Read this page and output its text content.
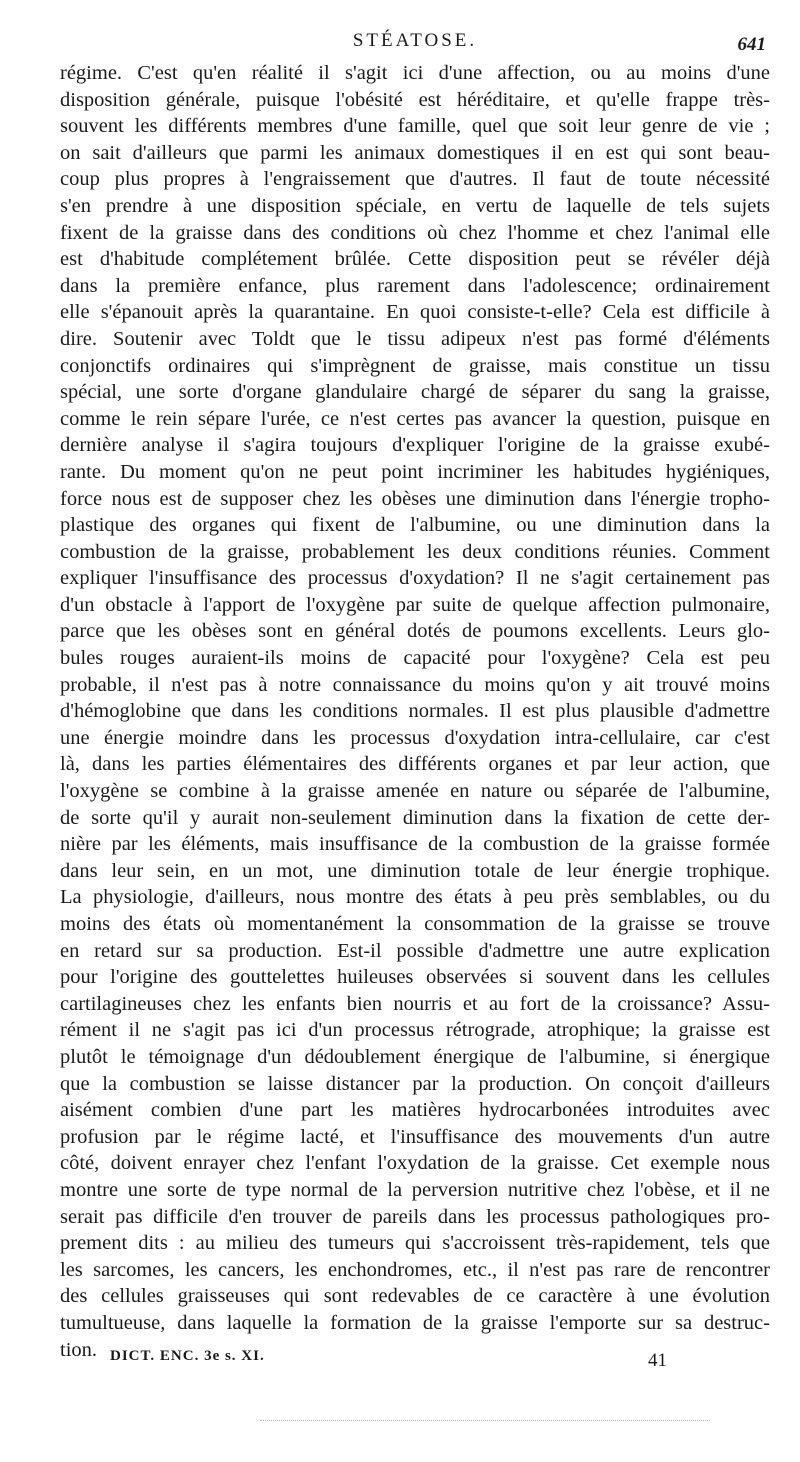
STÉATOSE.	641
régime. C'est qu'en réalité il s'agit ici d'une affection, ou au moins d'une
disposition générale, puisque l'obésité est héréditaire, et qu'elle frappe très-
souvent les différents membres d'une famille, quel que soit leur genre de vie ;
on sait d'ailleurs que parmi les animaux domestiques il en est qui sont beau-
coup plus propres à l'engraissement que d'autres. Il faut de toute nécessité
s'en prendre à une disposition spéciale, en vertu de laquelle de tels sujets
fixent de la graisse dans des conditions où chez l'homme et chez l'animal elle
est d'habitude complétement brûlée. Cette disposition peut se révéler déjà
dans la première enfance, plus rarement dans l'adolescence; ordinairement
elle s'épanouit après la quarantaine. En quoi consiste-t-elle? Cela est difficile à
dire. Soutenir avec Toldt que le tissu adipeux n'est pas formé d'éléments
conjonctifs ordinaires qui s'imprègnent de graisse, mais constitue un tissu
spécial, une sorte d'organe glandulaire chargé de séparer du sang la graisse,
comme le rein sépare l'urée, ce n'est certes pas avancer la question, puisque en
dernière analyse il s'agira toujours d'expliquer l'origine de la graisse exubé-
rante. Du moment qu'on ne peut point incriminer les habitudes hygiéniques,
force nous est de supposer chez les obèses une diminution dans l'énergie tropho-
plastique des organes qui fixent de l'albumine, ou une diminution dans la
combustion de la graisse, probablement les deux conditions réunies. Comment
expliquer l'insuffisance des processus d'oxydation? Il ne s'agit certainement pas
d'un obstacle à l'apport de l'oxygène par suite de quelque affection pulmonaire,
parce que les obèses sont en général dotés de poumons excellents. Leurs glo-
bules rouges auraient-ils moins de capacité pour l'oxygène? Cela est peu
probable, il n'est pas à notre connaissance du moins qu'on y ait trouvé moins
d'hémoglobine que dans les conditions normales. Il est plus plausible d'admettre
une énergie moindre dans les processus d'oxydation intra-cellulaire, car c'est
là, dans les parties élémentaires des différents organes et par leur action, que
l'oxygène se combine à la graisse amenée en nature ou séparée de l'albumine,
de sorte qu'il y aurait non-seulement diminution dans la fixation de cette der-
nière par les éléments, mais insuffisance de la combustion de la graisse formée
dans leur sein, en un mot, une diminution totale de leur énergie trophique.
La physiologie, d'ailleurs, nous montre des états à peu près semblables, ou du
moins des états où momentanément la consommation de la graisse se trouve
en retard sur sa production. Est-il possible d'admettre une autre explication
pour l'origine des gouttelettes huileuses observées si souvent dans les cellules
cartilagineuses chez les enfants bien nourris et au fort de la croissance? Assu-
rément il ne s'agit pas ici d'un processus rétrograde, atrophique; la graisse est
plutôt le témoignage d'un dédoublement énergique de l'albumine, si énergique
que la combustion se laisse distancer par la production. On conçoit d'ailleurs
aisément combien d'une part les matières hydrocarbonées introduites avec
profusion par le régime lacté, et l'insuffisance des mouvements d'un autre
côté, doivent enrayer chez l'enfant l'oxydation de la graisse. Cet exemple nous
montre une sorte de type normal de la perversion nutritive chez l'obèse, et il ne
serait pas difficile d'en trouver de pareils dans les processus pathologiques pro-
prement dits : au milieu des tumeurs qui s'accroissent très-rapidement, tels que
les sarcomes, les cancers, les enchondromes, etc., il n'est pas rare de rencontrer
des cellules graisseuses qui sont redevables de ce caractère à une évolution
tumultueuse, dans laquelle la formation de la graisse l'emporte sur sa destruc-
tion. DICT. ENC. 3e s. XI.	41
